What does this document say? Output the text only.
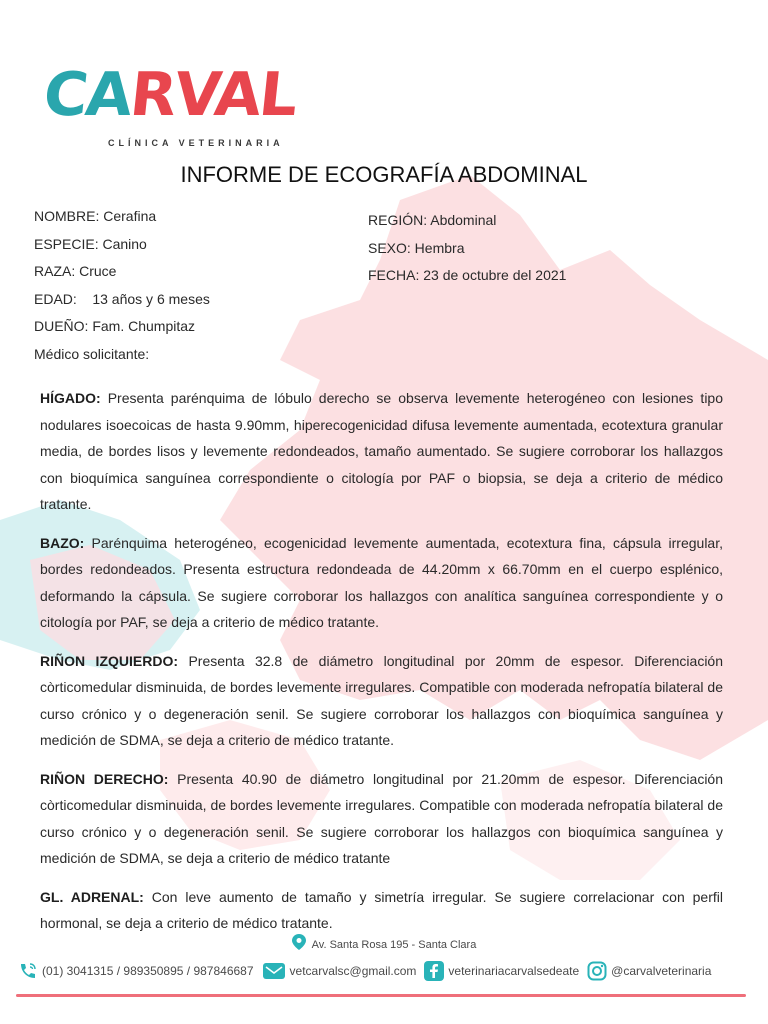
CARVAL
CLÍNICA VETERINARIA
INFORME DE ECOGRAFÍA ABDOMINAL
NOMBRE: Cerafina
ESPECIE: Canino
RAZA: Cruce
EDAD:    13 años y 6 meses
DUEÑO: Fam. Chumpitaz
Médico solicitante:
REGIÓN: Abdominal
SEXO: Hembra
FECHA: 23 de octubre del 2021

HÍGADO: Presenta parénquima de lóbulo derecho se observa levemente heterogéneo con lesiones tipo nodulares isoecoicas de hasta 9.90mm, hiperecogenicidad difusa levemente aumentada, ecotextura granular media, de bordes lisos y levemente redondeados, tamaño aumentado. Se sugiere corroborar los hallazgos con bioquímica sanguínea correspondiente o citología por PAF o biopsia, se deja a criterio de médico tratante.

BAZO: Parénquima heterogéneo, ecogenicidad levemente aumentada, ecotextura fina, cápsula irregular, bordes redondeados. Presenta estructura redondeada de 44.20mm x 66.70mm en el cuerpo esplénico, deformando la cápsula. Se sugiere corroborar los hallazgos con analítica sanguínea correspondiente y o citología por PAF, se deja a criterio de médico tratante.

RIÑON IZQUIERDO: Presenta 32.8 de diámetro longitudinal por 20mm de espesor. Diferenciación còrticomedular disminuida, de bordes levemente irregulares. Compatible con moderada nefropatía bilateral de curso crónico y o degeneración senil. Se sugiere corroborar los hallazgos con bioquímica sanguínea y medición de SDMA, se deja a criterio de médico tratante.

RIÑON DERECHO: Presenta 40.90 de diámetro longitudinal por 21.20mm de espesor. Diferenciación còrticomedular disminuida, de bordes levemente irregulares. Compatible con moderada nefropatía bilateral de curso crónico y o degeneración senil. Se sugiere corroborar los hallazgos con bioquímica sanguínea y medición de SDMA, se deja a criterio de médico tratante

GL. ADRENAL: Con leve aumento de tamaño y simetría irregular. Se sugiere correlacionar con perfil hormonal, se deja a criterio de médico tratante.

Av. Santa Rosa 195 - Santa Clara
(01) 3041315 / 989350895 / 987846687	vetcarvalsc@gmail.com	veterinariacarvalsedeate	@carvalveterinaria
